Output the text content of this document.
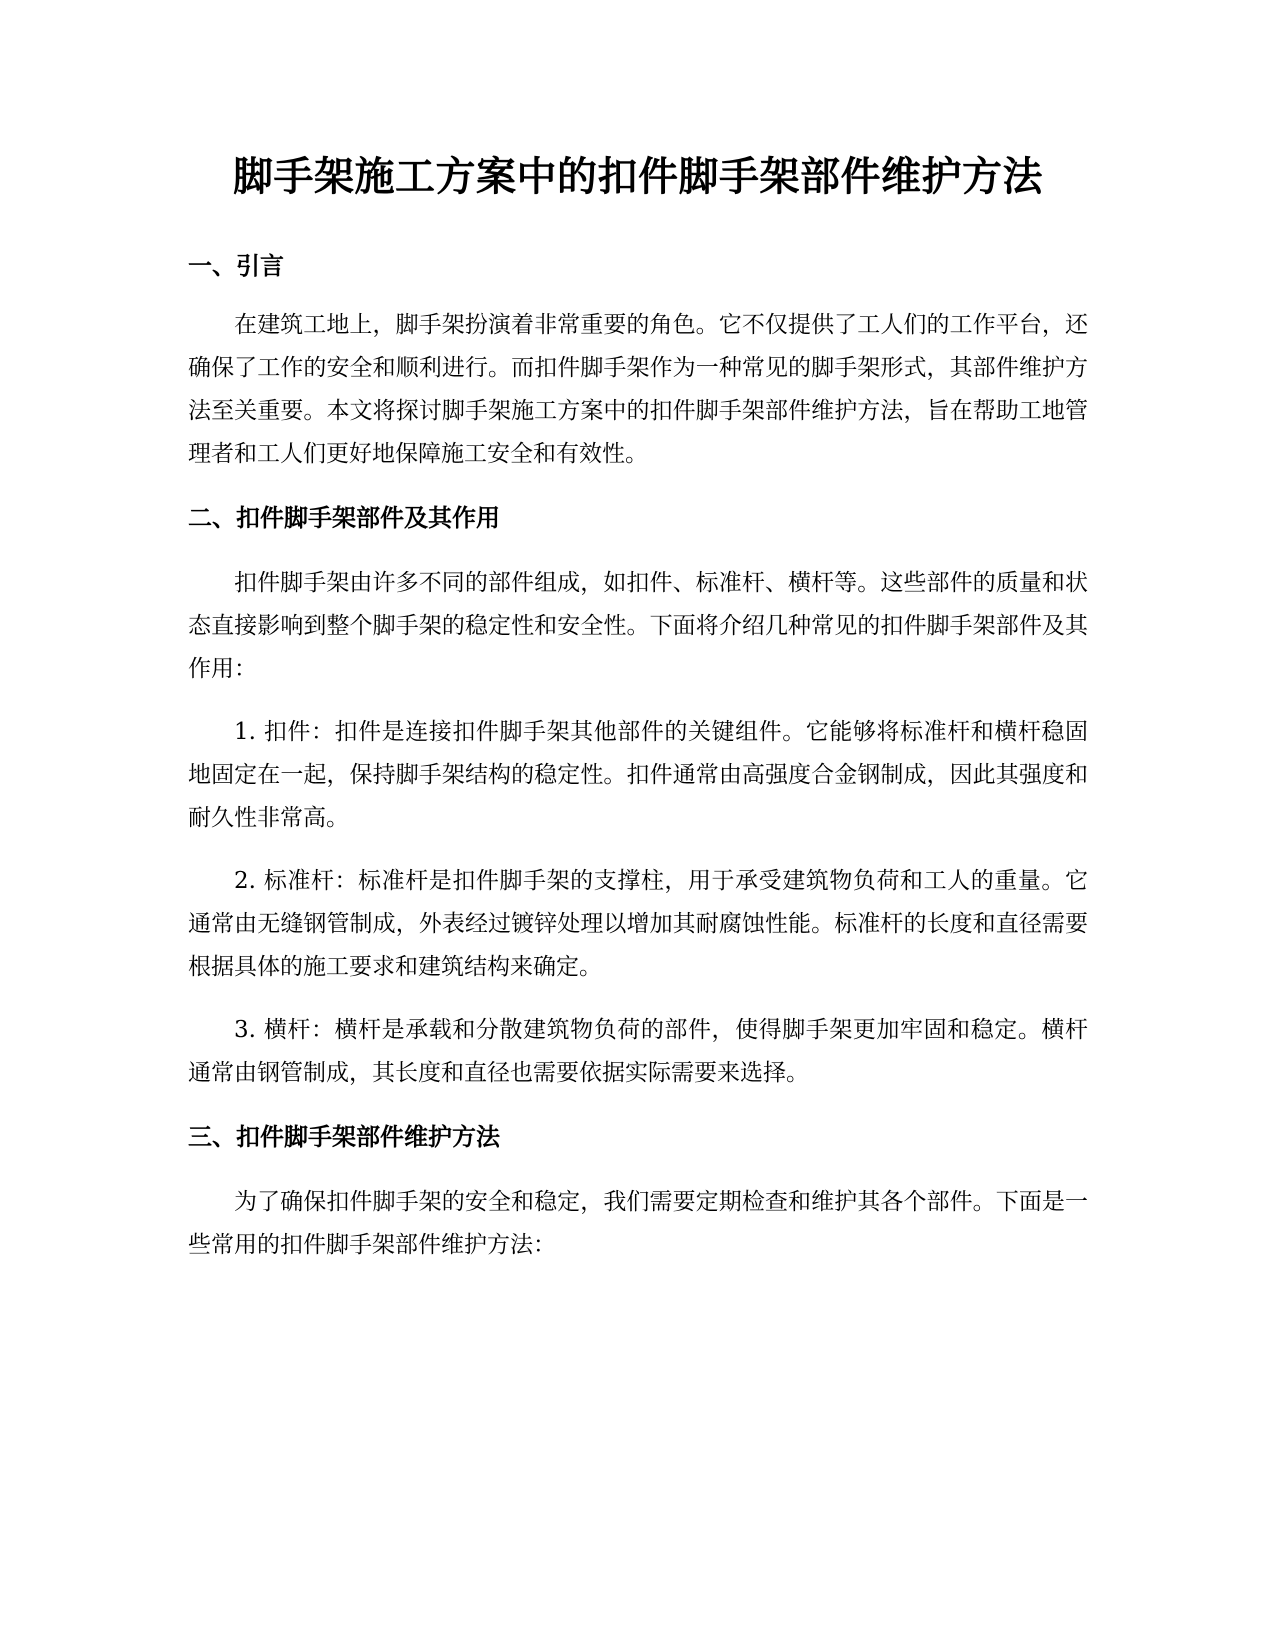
脚手架施工方案中的扣件脚手架部件维护方法
一、引言

在建筑工地上，脚手架扮演着非常重要的角色。它不仅提供了工人们的工作平台，还确保了工作的安全和顺利进行。而扣件脚手架作为一种常见的脚手架形式，其部件维护方法至关重要。本文将探讨脚手架施工方案中的扣件脚手架部件维护方法，旨在帮助工地管理者和工人们更好地保障施工安全和有效性。

二、扣件脚手架部件及其作用

扣件脚手架由许多不同的部件组成，如扣件、标准杆、横杆等。这些部件的质量和状态直接影响到整个脚手架的稳定性和安全性。下面将介绍几种常见的扣件脚手架部件及其作用：

1. 扣件：扣件是连接扣件脚手架其他部件的关键组件。它能够将标准杆和横杆稳固地固定在一起，保持脚手架结构的稳定性。扣件通常由高强度合金钢制成，因此其强度和耐久性非常高。

2. 标准杆：标准杆是扣件脚手架的支撑柱，用于承受建筑物负荷和工人的重量。它通常由无缝钢管制成，外表经过镀锌处理以增加其耐腐蚀性能。标准杆的长度和直径需要根据具体的施工要求和建筑结构来确定。

3. 横杆：横杆是承载和分散建筑物负荷的部件，使得脚手架更加牢固和稳定。横杆通常由钢管制成，其长度和直径也需要依据实际需要来选择。

三、扣件脚手架部件维护方法

为了确保扣件脚手架的安全和稳定，我们需要定期检查和维护其各个部件。下面是一些常用的扣件脚手架部件维护方法：
